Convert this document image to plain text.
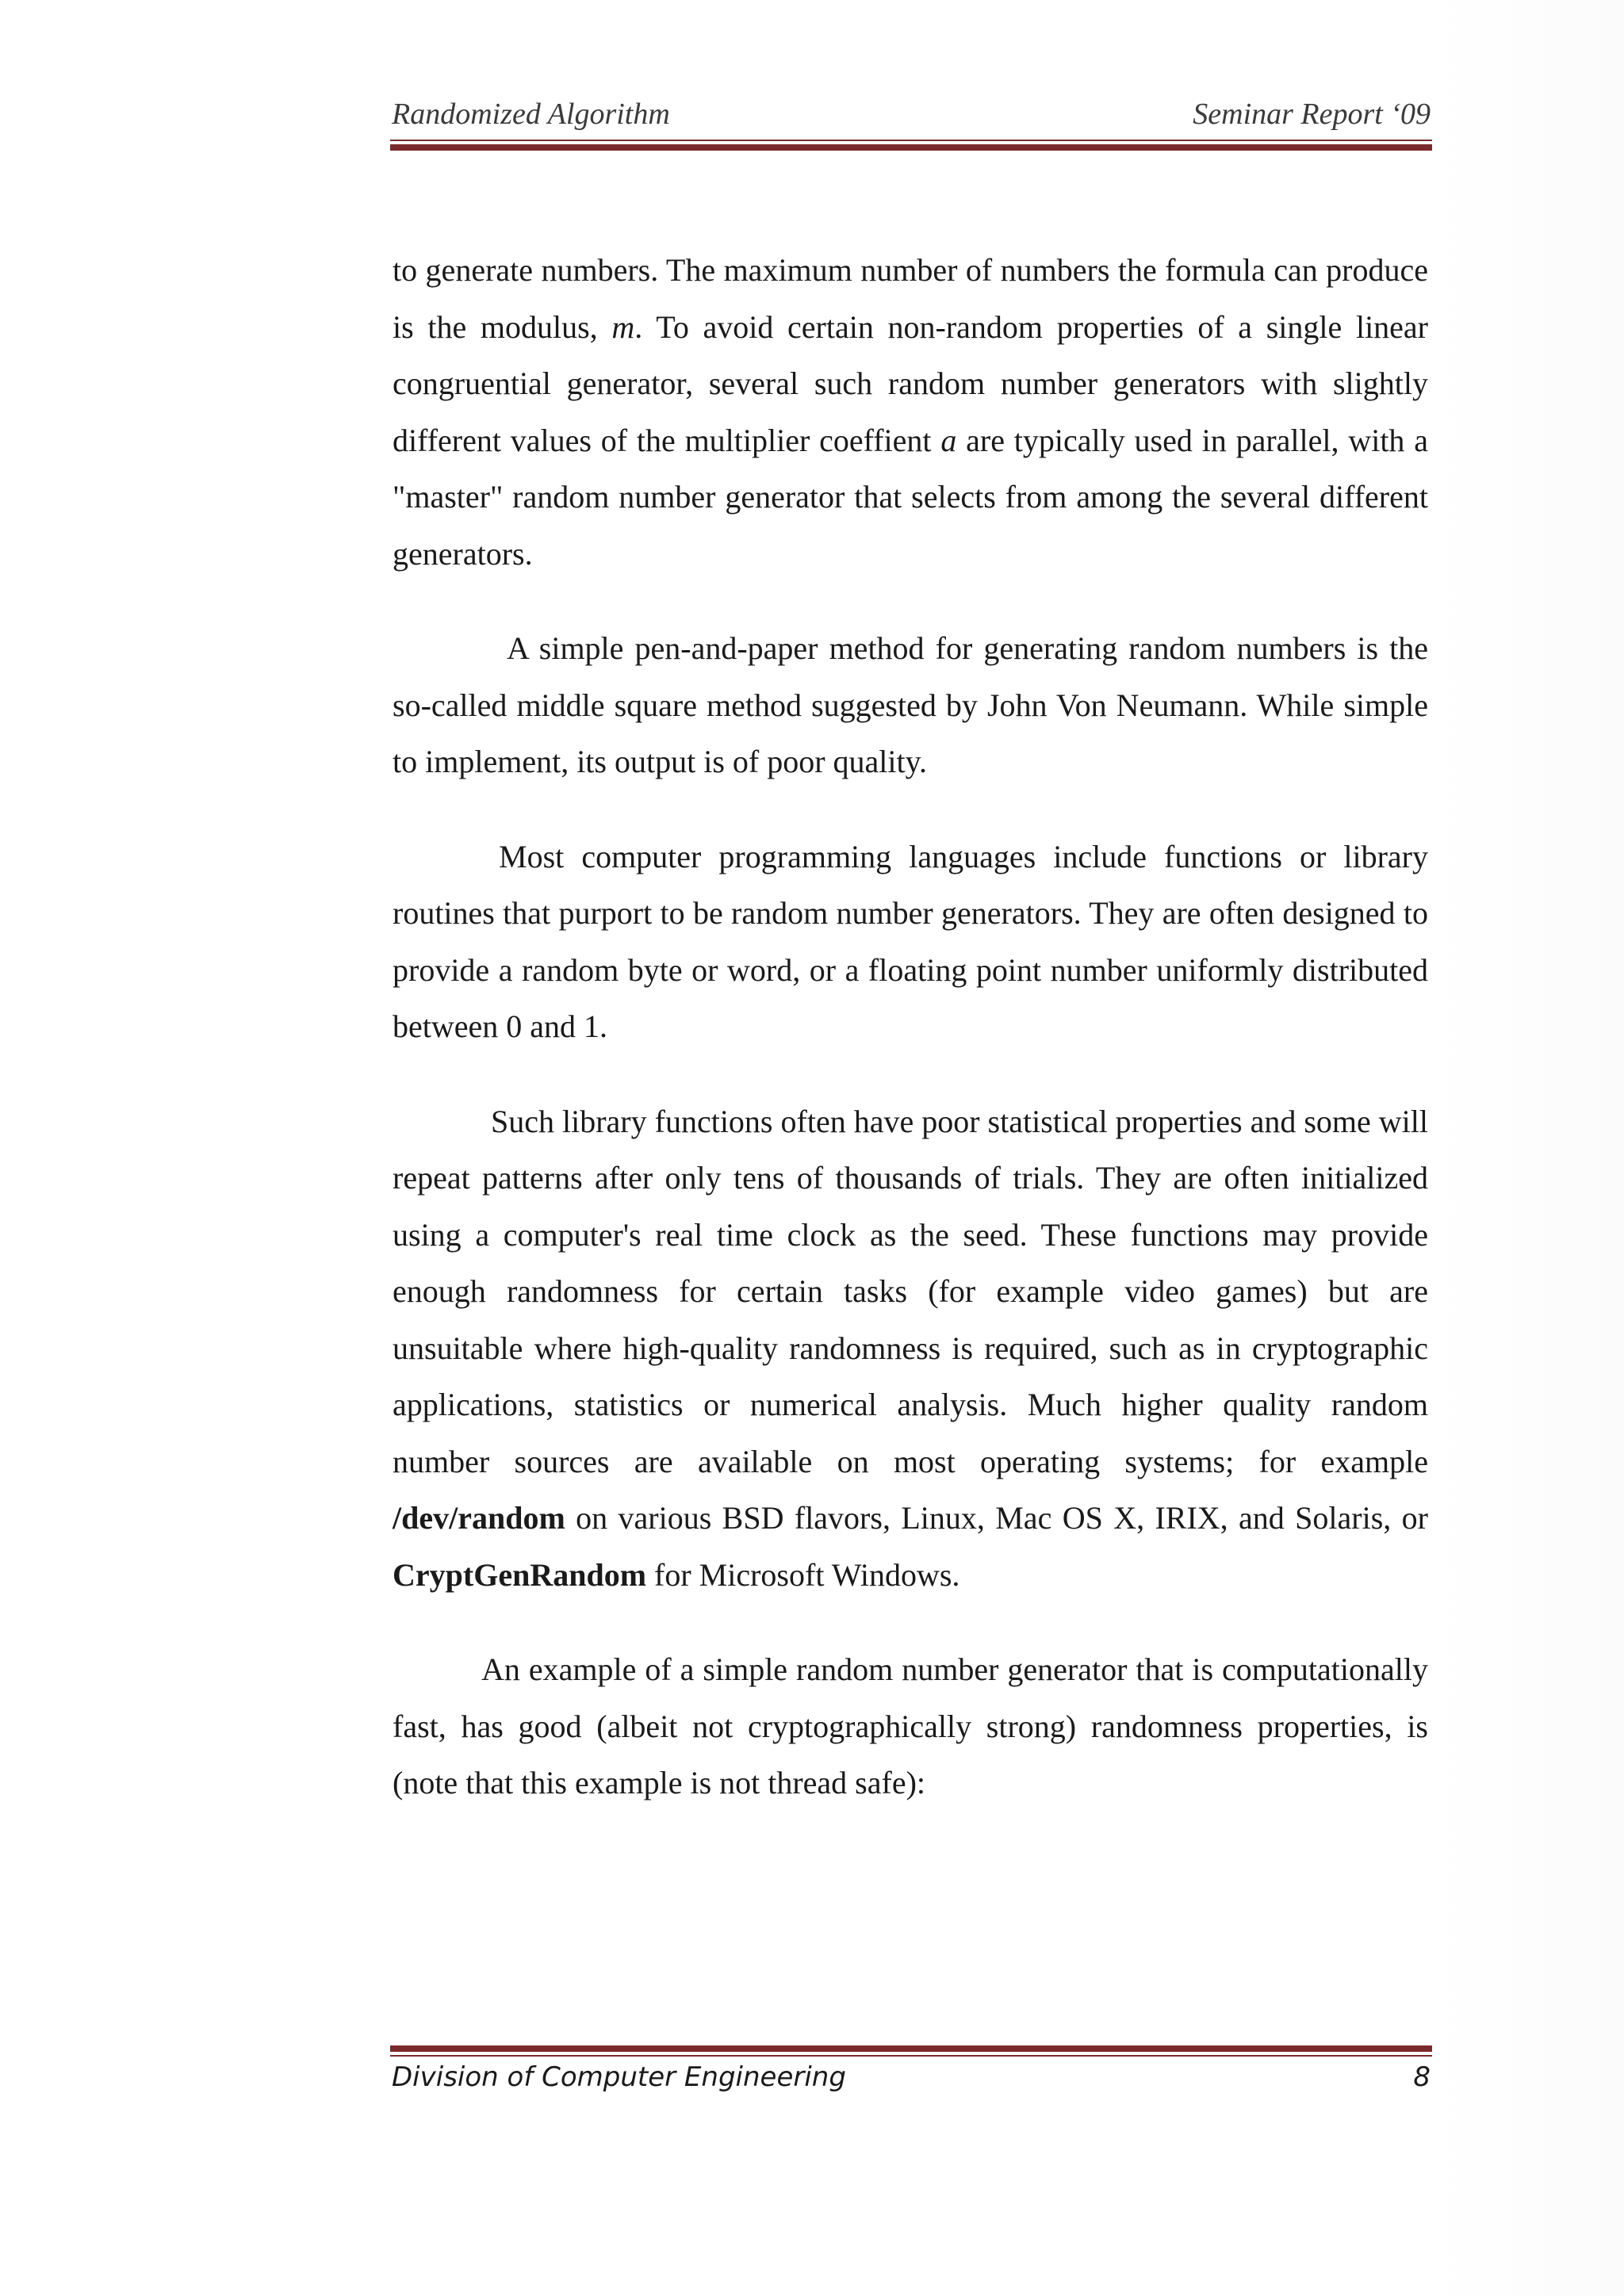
Randomized Algorithm	Seminar Report ‘09

to generate numbers. The maximum number of numbers the formula can produce is the modulus, m. To avoid certain non-random properties of a single linear congruential generator, several such random number generators with slightly different values of the multiplier coeffient a are typically used in parallel, with a "master" random number generator that selects from among the several different generators.

A simple pen-and-paper method for generating random numbers is the so-called middle square method suggested by John Von Neumann. While simple to implement, its output is of poor quality.

Most computer programming languages include functions or library routines that purport to be random number generators. They are often designed to provide a random byte or word, or a floating point number uniformly distributed between 0 and 1.

Such library functions often have poor statistical properties and some will repeat patterns after only tens of thousands of trials. They are often initialized using a computer's real time clock as the seed. These functions may provide enough randomness for certain tasks (for example video games) but are unsuitable where high-quality randomness is required, such as in cryptographic applications, statistics or numerical analysis. Much higher quality random number sources are available on most operating systems; for example /dev/random on various BSD flavors, Linux, Mac OS X, IRIX, and Solaris, or CryptGenRandom for Microsoft Windows.

An example of a simple random number generator that is computationally fast, has good (albeit not cryptographically strong) randomness properties, is (note that this example is not thread safe):

Division of Computer Engineering	8
